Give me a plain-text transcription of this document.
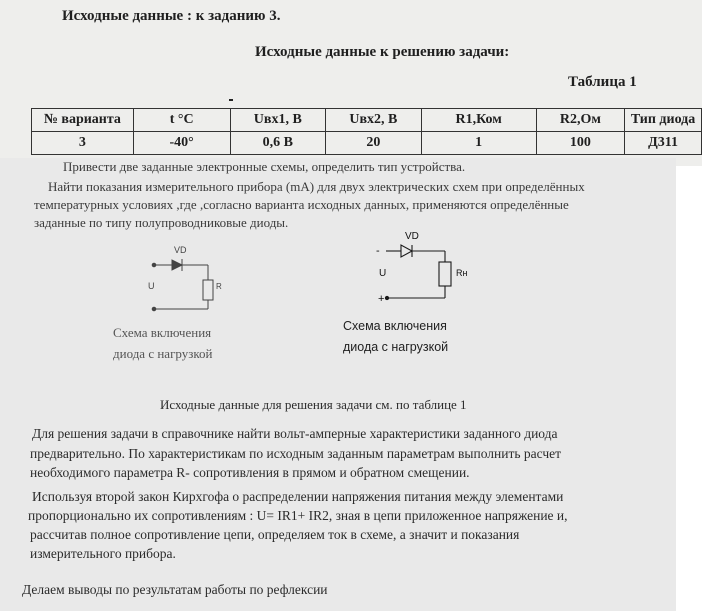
Исходные данные : к заданию 3.
Исходные данные к решению задачи:
Таблица 1
№ варианта	t °C	Uвх1, В	Uвх2, В	R1,Ком	R2,Ом	Тип диода
3	-40°	0,6 В	20	1	100	Д311
Привести две заданные электронные схемы, определить тип устройства.
Найти показания измерительного прибора (mA) для двух электрических схем при определённых
температурных условиях ,где ,согласно варианта исходных данных, применяются определённые
заданные по типу полупроводниковые диоды.
VD
U	R
VD
-
U	Rн
+
Схема включения
диода с нагрузкой
Схема включения
диода с нагрузкой
Исходные данные для решения задачи см. по таблице 1
Для решения задачи в справочнике найти вольт-амперные характеристики заданного диода
предварительно. По характеристикам по исходным заданным параметрам выполнить расчет
необходимого параметра R- сопротивления в прямом и обратном смещении.
Используя второй закон Кирхгофа о распределении напряжения питания между элементами
пропорционально их сопротивлениям : U= IR1+ IR2, зная в цепи приложенное напряжение и,
рассчитав полное сопротивление цепи, определяем ток в схеме, а значит и показания
измерительного прибора.
Делаем выводы по результатам работы по рефлексии
